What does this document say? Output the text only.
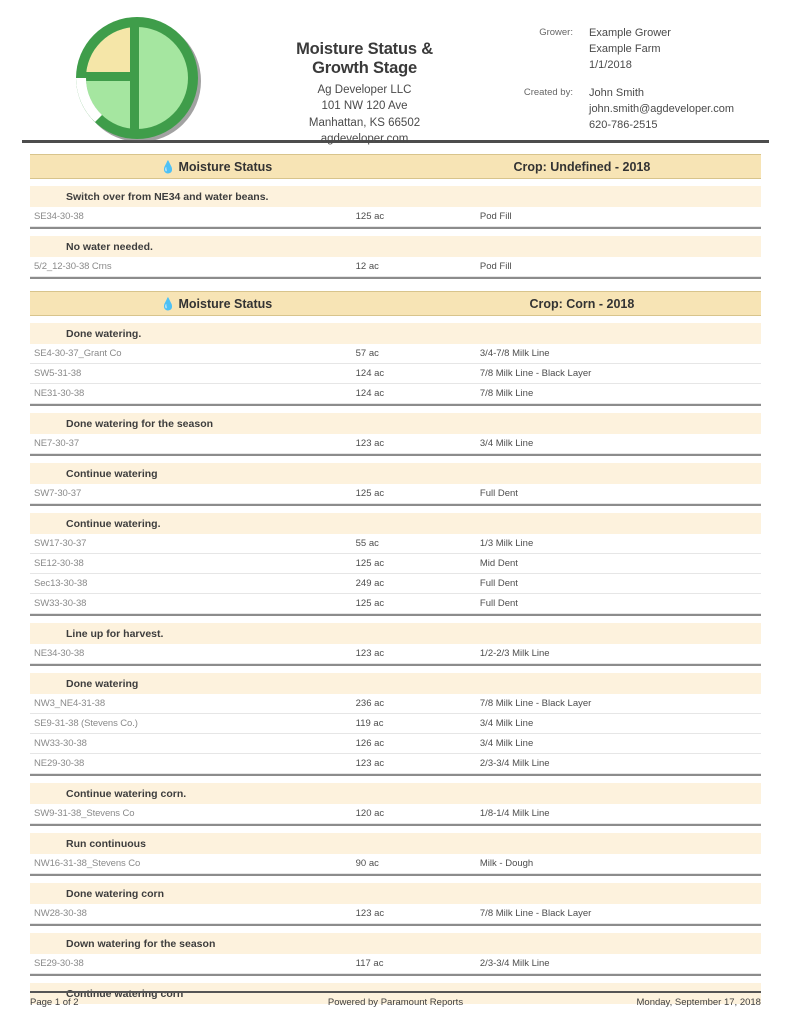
Moisture Status &
Growth Stage
Ag Developer LLC
101 NW 120 Ave
Manhattan, KS 66502
agdeveloper.com
Grower:	Example Grower
Example Farm
1/1/2018
Created by:	John Smith
john.smith@agdeveloper.com
620-786-2515
💧 Moisture Status	Crop: Undefined - 2018
Switch over from NE34 and water beans.
SE34-30-38	125 ac	Pod Fill
No water needed.
5/2_12-30-38 Crns	12 ac	Pod Fill
💧 Moisture Status	Crop: Corn - 2018
Done watering.
SE4-30-37_Grant Co	57 ac	3/4-7/8 Milk Line
SW5-31-38	124 ac	7/8 Milk Line - Black Layer
NE31-30-38	124 ac	7/8 Milk Line
Done watering for the season
NE7-30-37	123 ac	3/4 Milk Line
Continue watering
SW7-30-37	125 ac	Full Dent
Continue watering.
SW17-30-37	55 ac	1/3 Milk Line
SE12-30-38	125 ac	Mid Dent
Sec13-30-38	249 ac	Full Dent
SW33-30-38	125 ac	Full Dent
Line up for harvest.
NE34-30-38	123 ac	1/2-2/3 Milk Line
Done watering
NW3_NE4-31-38	236 ac	7/8 Milk Line - Black Layer
SE9-31-38 (Stevens Co.)	119 ac	3/4 Milk Line
NW33-30-38	126 ac	3/4 Milk Line
NE29-30-38	123 ac	2/3-3/4 Milk Line
Continue watering corn.
SW9-31-38_Stevens Co	120 ac	1/8-1/4 Milk Line
Run continuous
NW16-31-38_Stevens Co	90 ac	Milk - Dough
Done watering corn
NW28-30-38	123 ac	7/8 Milk Line - Black Layer
Down watering for the season
SE29-30-38	117 ac	2/3-3/4 Milk Line
Continue watering corn
Page 1 of 2	Powered by Paramount Reports	Monday, September 17, 2018
